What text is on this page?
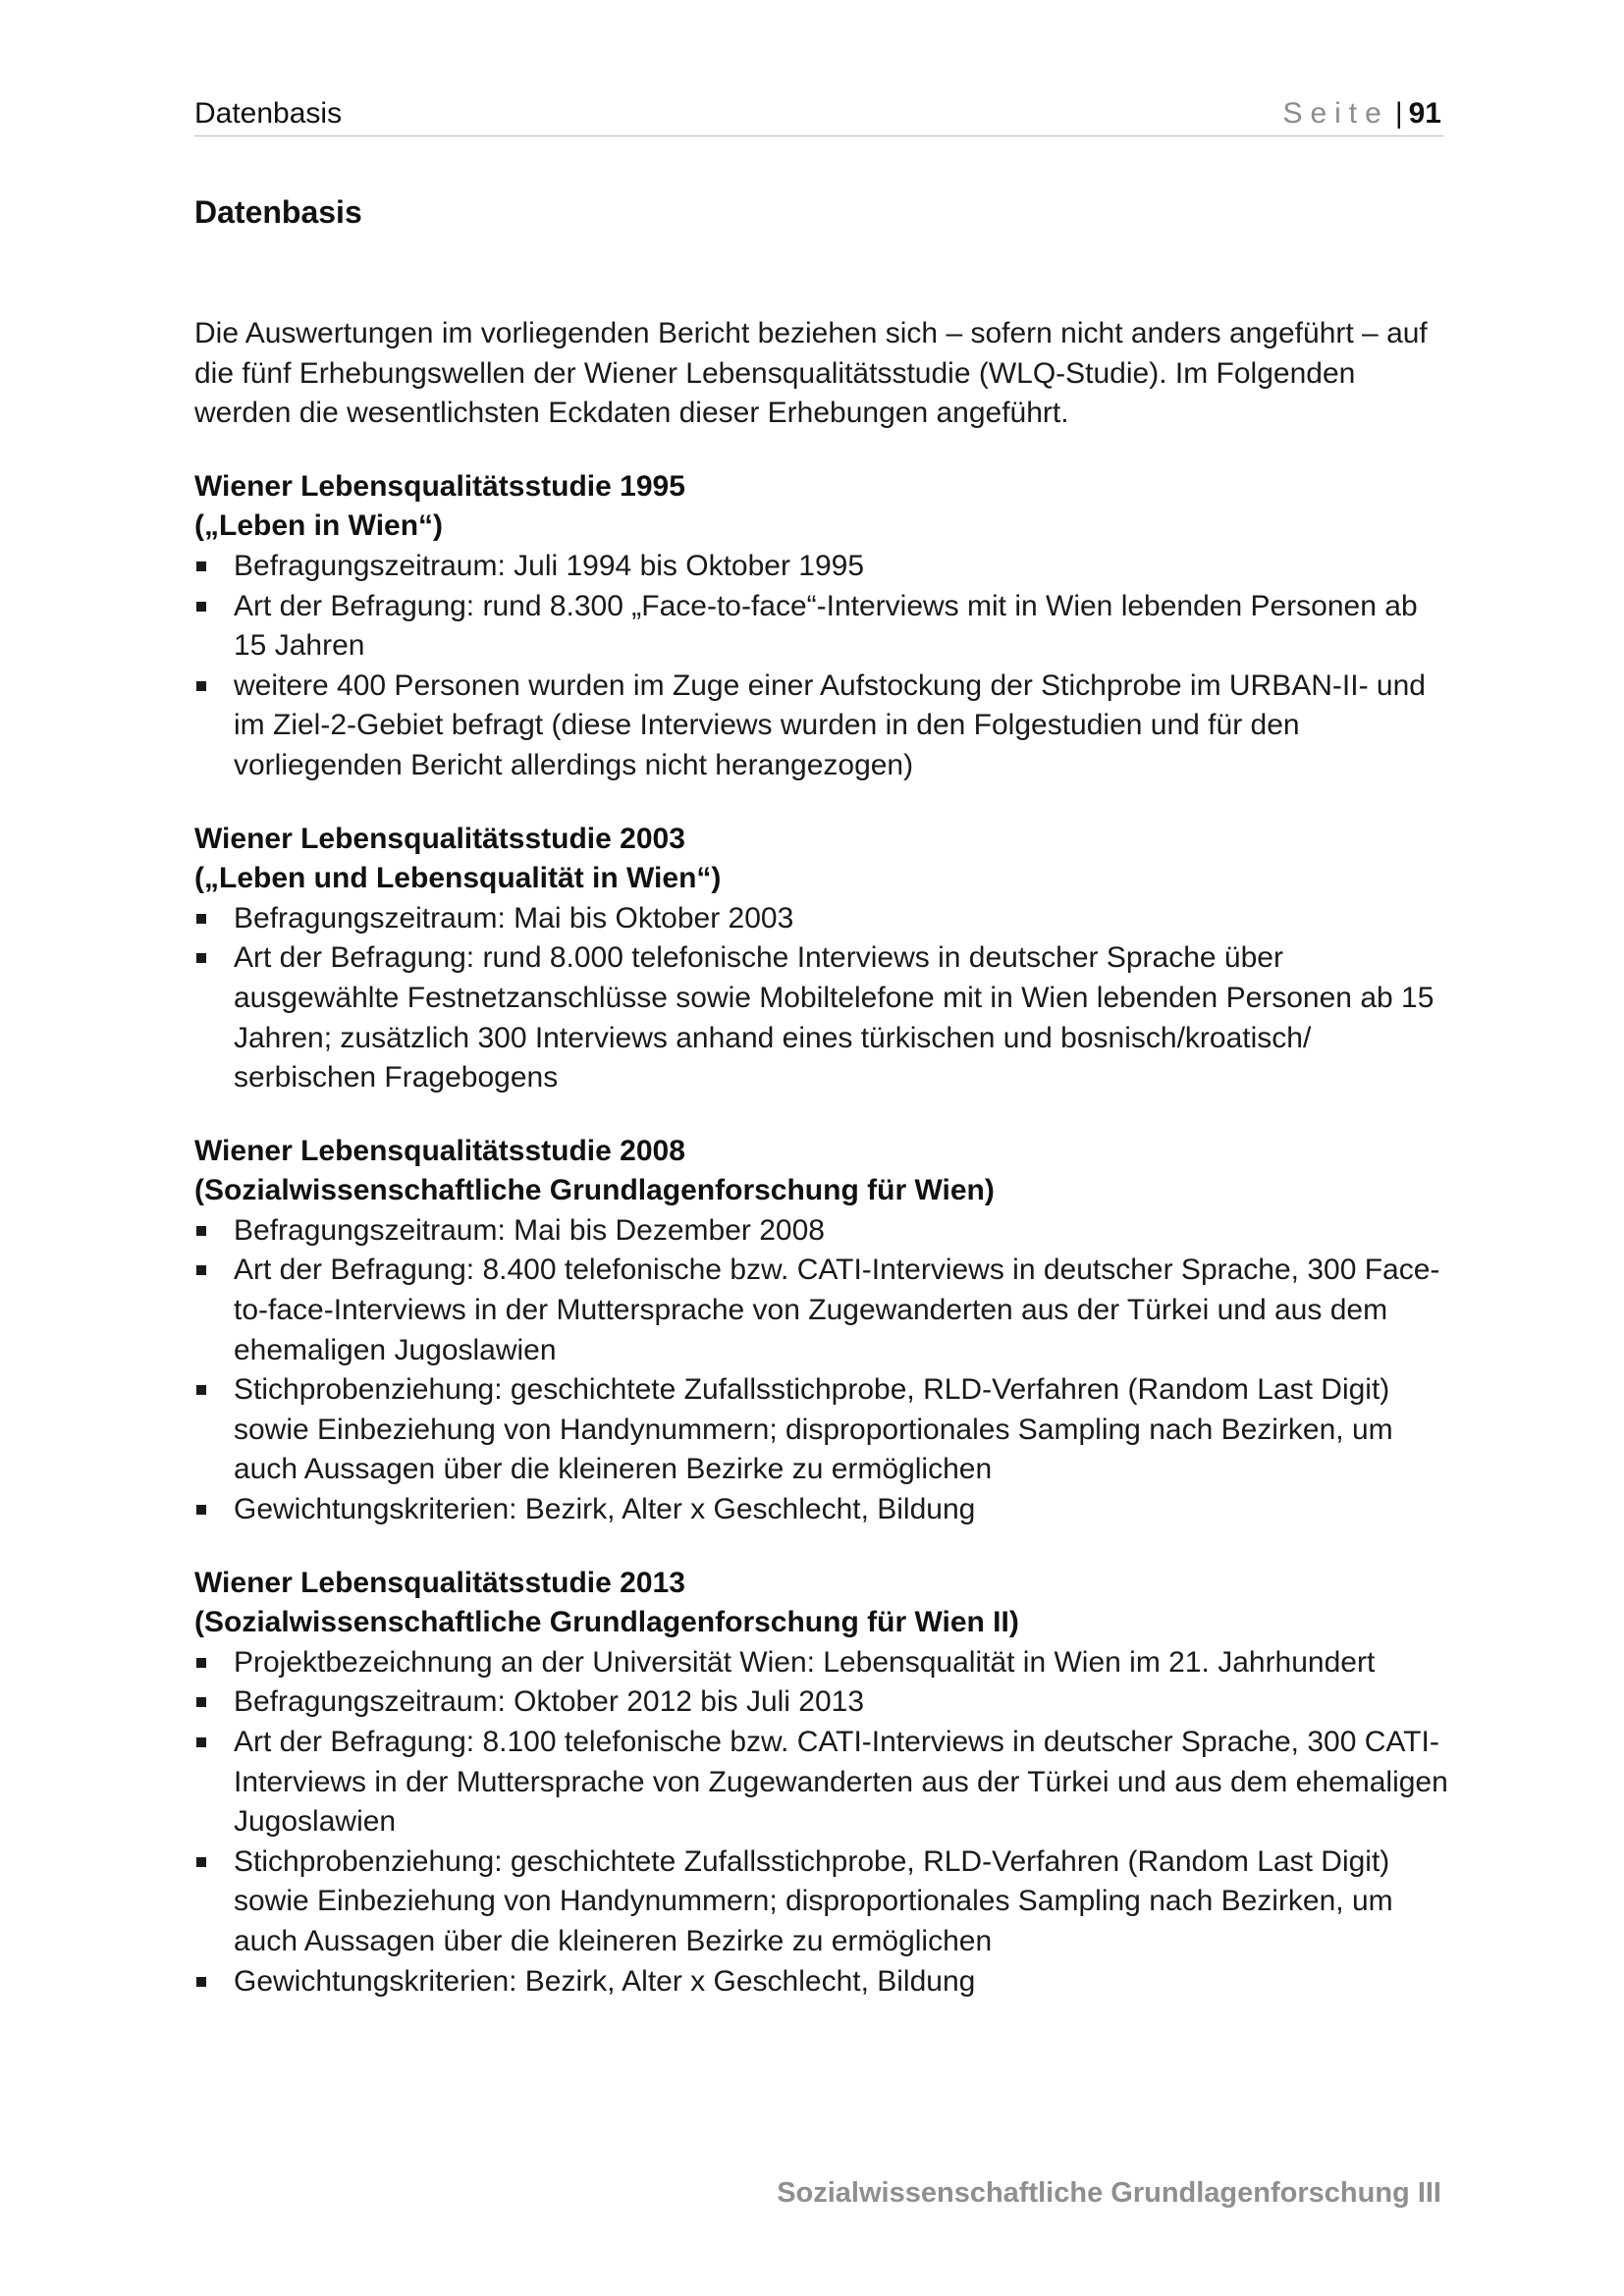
Datenbasis	Seite | 91
Datenbasis

Die Auswertungen im vorliegenden Bericht beziehen sich – sofern nicht anders angeführt – auf die fünf Erhebungswellen der Wiener Lebensqualitätsstudie (WLQ-Studie). Im Folgenden werden die wesentlichsten Eckdaten dieser Erhebungen angeführt.

Wiener Lebensqualitätsstudie 1995

(„Leben in Wien“)

Befragungszeitraum: Juli 1994 bis Oktober 1995
Art der Befragung: rund 8.300 „Face-to-face“-Interviews mit in Wien lebenden Personen ab 15 Jahren
weitere 400 Personen wurden im Zuge einer Aufstockung der Stichprobe im URBAN-II- und im Ziel-2-Gebiet befragt (diese Interviews wurden in den Folgestudien und für den vorliegenden Bericht allerdings nicht herangezogen)

Wiener Lebensqualitätsstudie 2003

(„Leben und Lebensqualität in Wien“)

Befragungszeitraum: Mai bis Oktober 2003
Art der Befragung: rund 8.000 telefonische Interviews in deutscher Sprache über ausgewählte Festnetzanschlüsse sowie Mobiltelefone mit in Wien lebenden Personen ab 15 Jahren; zusätzlich 300 Interviews anhand eines türkischen und bosnisch/kroatisch/ serbischen Fragebogens

Wiener Lebensqualitätsstudie 2008

(Sozialwissenschaftliche Grundlagenforschung für Wien)

Befragungszeitraum: Mai bis Dezember 2008
Art der Befragung: 8.400 telefonische bzw. CATI-Interviews in deutscher Sprache, 300 Face-to-face-Interviews in der Muttersprache von Zugewanderten aus der Türkei und aus dem ehemaligen Jugoslawien
Stichprobenziehung: geschichtete Zufallsstichprobe, RLD-Verfahren (Random Last Digit) sowie Einbeziehung von Handynummern; disproportionales Sampling nach Bezirken, um auch Aussagen über die kleineren Bezirke zu ermöglichen
Gewichtungskriterien: Bezirk, Alter x Geschlecht, Bildung

Wiener Lebensqualitätsstudie 2013

(Sozialwissenschaftliche Grundlagenforschung für Wien II)

Projektbezeichnung an der Universität Wien: Lebensqualität in Wien im 21. Jahrhundert
Befragungszeitraum: Oktober 2012 bis Juli 2013
Art der Befragung: 8.100 telefonische bzw. CATI-Interviews in deutscher Sprache, 300 CATI-Interviews in der Muttersprache von Zugewanderten aus der Türkei und aus dem ehemaligen Jugoslawien
Stichprobenziehung: geschichtete Zufallsstichprobe, RLD-Verfahren (Random Last Digit) sowie Einbeziehung von Handynummern; disproportionales Sampling nach Bezirken, um auch Aussagen über die kleineren Bezirke zu ermöglichen
Gewichtungskriterien: Bezirk, Alter x Geschlecht, Bildung
Sozialwissenschaftliche Grundlagenforschung III
